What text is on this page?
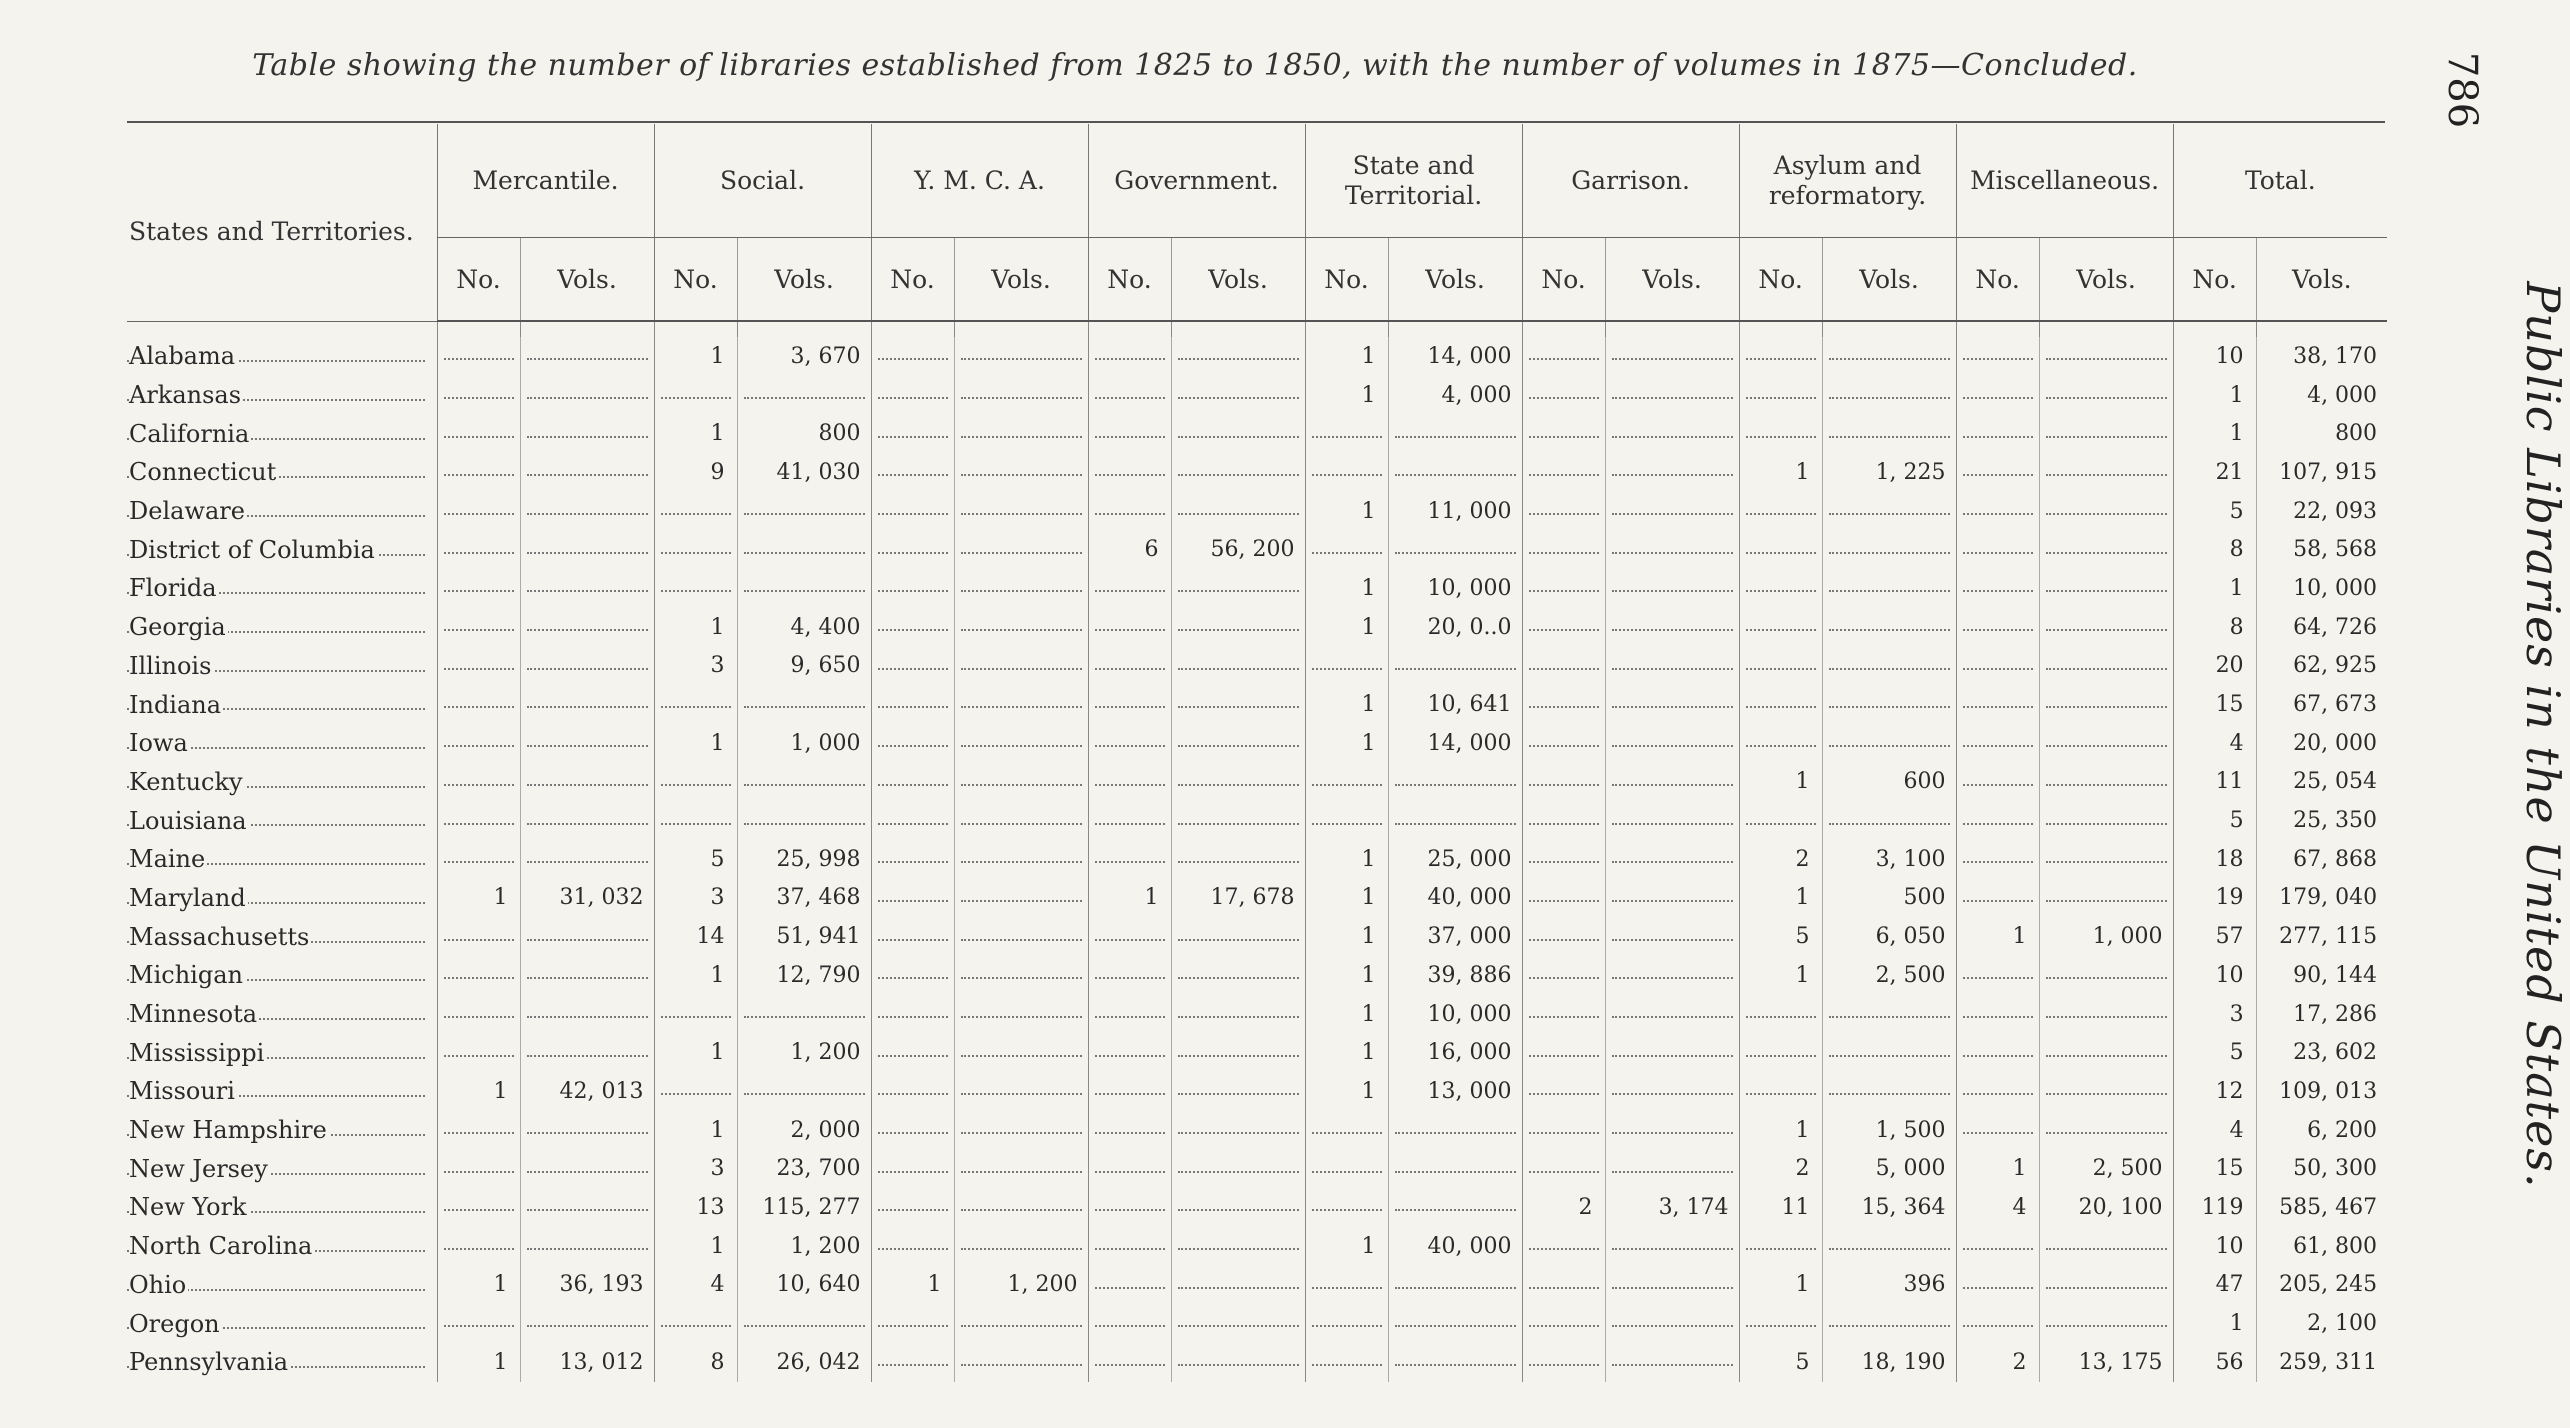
Table showing the number of libraries established from 1825 to 1850, with the number of volumes in 1875—Concluded.	786
Public Libraries in the United States.
States and Territories.	Mercantile.		Social.		Y. M. C. A.		Government.		State and Territorial.		Garrison.		Asylum and reformatory.		Miscellaneous.		Total.	
	No.	Vols.	No.	Vols.	No.	Vols.	No.	Vols.	No.	Vols.	No.	Vols.	No.	Vols.	No.	Vols.	No.	Vols.

Alabama			1	3, 670					1	14, 000							10	38, 170
Arkansas									1	4, 000							1	4, 000
California			1	800													1	800
Connecticut			9	41, 030									1	1, 225			21	107, 915
Delaware									1	11, 000							5	22, 093
District of Columbia							6	56, 200									8	58, 568
Florida									1	10, 000							1	10, 000
Georgia			1	4, 400					1	20, 0..0							8	64, 726
Illinois			3	9, 650													20	62, 925
Indiana									1	10, 641							15	67, 673
Iowa			1	1, 000					1	14, 000							4	20, 000
Kentucky													1	600			11	25, 054
Louisiana																	5	25, 350
Maine			5	25, 998					1	25, 000			2	3, 100			18	67, 868
Maryland	1	31, 032	3	37, 468			1	17, 678	1	40, 000			1	500			19	179, 040
Massachusetts			14	51, 941					1	37, 000			5	6, 050	1	1, 000	57	277, 115
Michigan			1	12, 790					1	39, 886			1	2, 500			10	90, 144
Minnesota									1	10, 000							3	17, 286
Mississippi			1	1, 200					1	16, 000							5	23, 602
Missouri	1	42, 013							1	13, 000							12	109, 013
New Hampshire			1	2, 000									1	1, 500			4	6, 200
New Jersey			3	23, 700									2	5, 000	1	2, 500	15	50, 300
New York			13	115, 277							2	3, 174	11	15, 364	4	20, 100	119	585, 467
North Carolina			1	1, 200					1	40, 000							10	61, 800
Ohio	1	36, 193	4	10, 640	1	1, 200							1	396			47	205, 245
Oregon																	1	2, 100
Pennsylvania	1	13, 012	8	26, 042									5	18, 190	2	13, 175	56	259, 311
